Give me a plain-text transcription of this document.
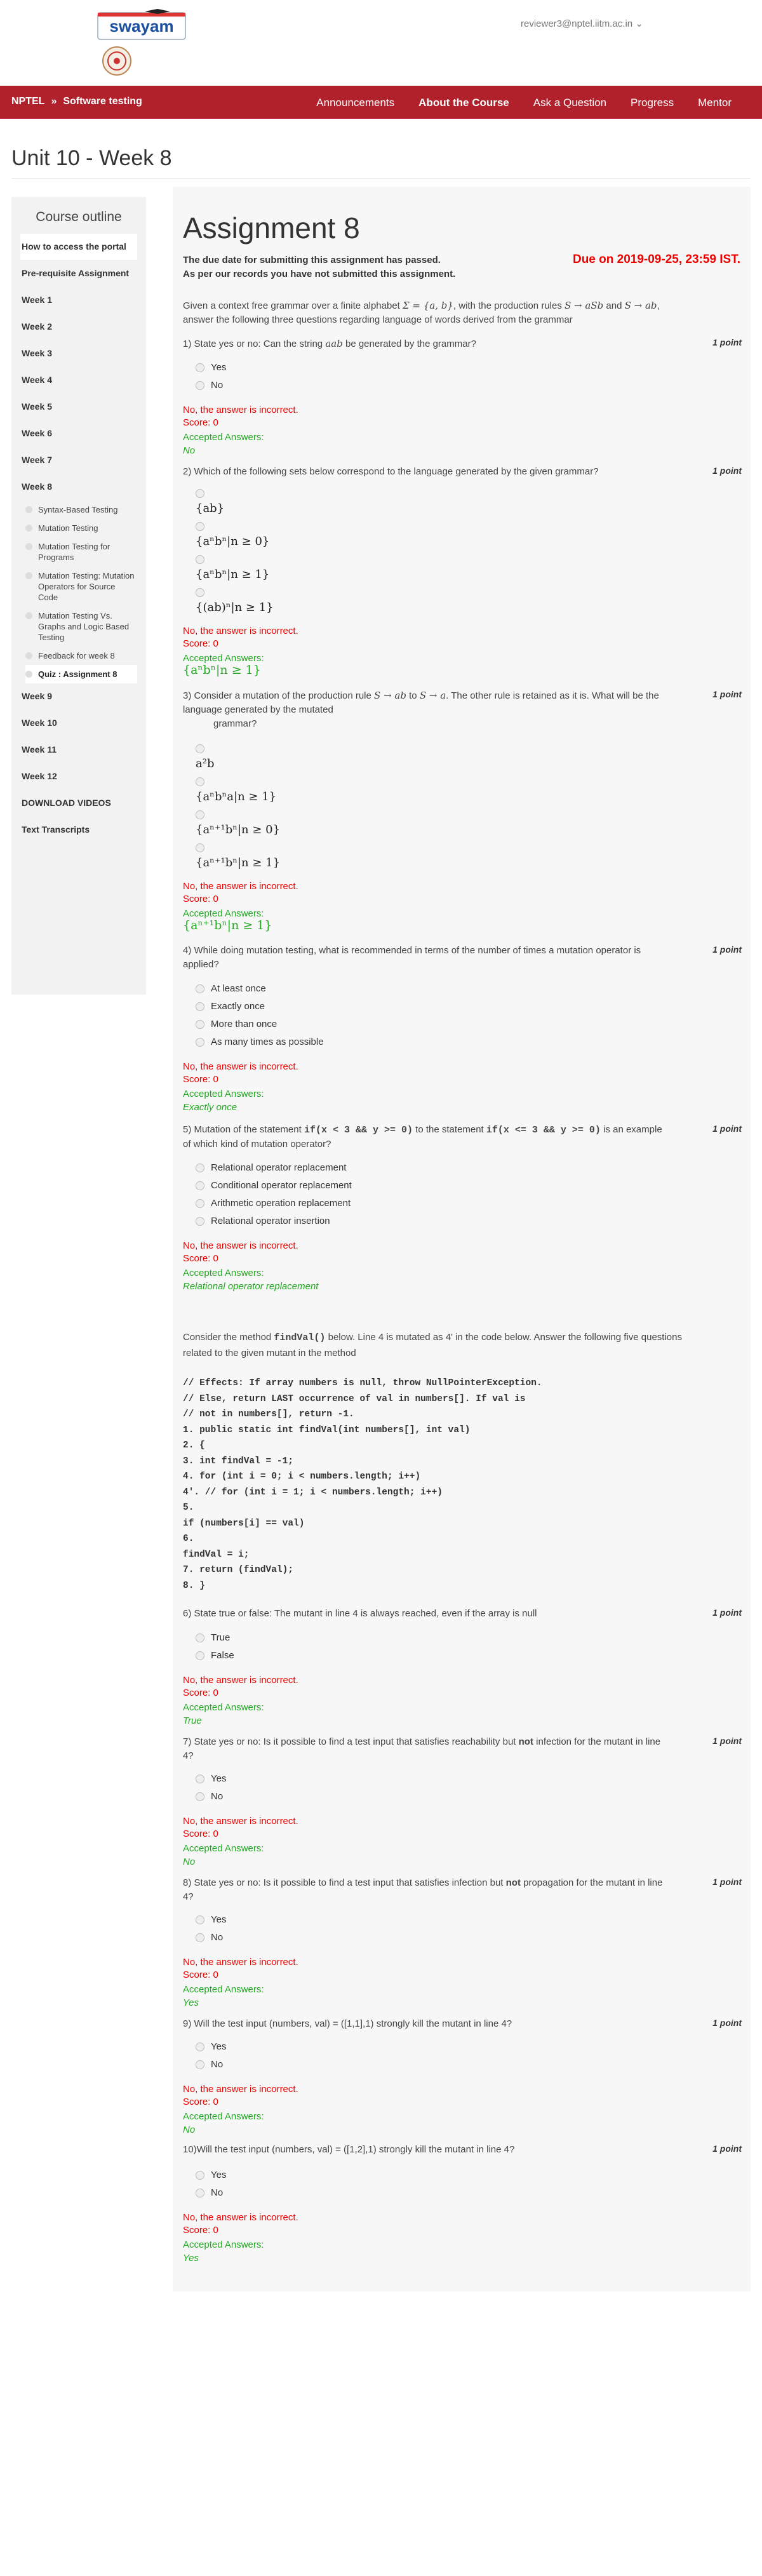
swayam	reviewer3@nptel.iitm.ac.in ⌄
NPTEL » Software testing	Announcements About the Course Ask a Question Progress Mentor
Unit 10 - Week 8
Course outline
How to access the portal
Pre-requisite Assignment
Week 1
Week 2
Week 3
Week 4
Week 5
Week 6
Week 7
Week 8
Syntax-Based Testing
Mutation Testing
Mutation Testing for Programs
Mutation Testing: Mutation Operators for Source Code
Mutation Testing Vs. Graphs and Logic Based Testing
Feedback for week 8
Quiz : Assignment 8
Week 9
Week 10
Week 11
Week 12
DOWNLOAD VIDEOS
Text Transcripts
Assignment 8
The due date for submitting this assignment has passed.
As per our records you have not submitted this assignment.
Due on 2019-09-25, 23:59 IST.
Given a context free grammar over a finite alphabet Σ = {a, b}, with the production rules S → aSb and S → ab,
answer the following three questions regarding language of words derived from the grammar
1) State yes or no: Can the string aab be generated by the grammar?	1 point
Yes
No
No, the answer is incorrect.
Score: 0
Accepted Answers:
No
2) Which of the following sets below correspond to the language generated by the given grammar?	1 point
{ab}
{aⁿbⁿ|n ≥ 0}
{aⁿbⁿ|n ≥ 1}
{(ab)ⁿ|n ≥ 1}
No, the answer is incorrect.
Score: 0
Accepted Answers:
{aⁿbⁿ|n ≥ 1}
3) Consider a mutation of the production rule S → ab to S → a. The other rule is retained as it is. What will be the
language generated by the mutated
grammar?
1 point
a²b
{aⁿbⁿa|n ≥ 1}
{aⁿ⁺¹bⁿ|n ≥ 0}
{aⁿ⁺¹bⁿ|n ≥ 1}
No, the answer is incorrect.
Score: 0
Accepted Answers:
{aⁿ⁺¹bⁿ|n ≥ 1}
4) While doing mutation testing, what is recommended in terms of the number of times a mutation operator is
applied?
1 point
At least once
Exactly once
More than once
As many times as possible
No, the answer is incorrect.
Score: 0
Accepted Answers:
Exactly once
5) Mutation of the statement if(x < 3 && y >= 0) to the statement if(x <= 3 && y >= 0) is an example
of which kind of mutation operator?
1 point
Relational operator replacement
Conditional operator replacement
Arithmetic operation replacement
Relational operator insertion
No, the answer is incorrect.
Score: 0
Accepted Answers:
Relational operator replacement
Consider the method findVal() below. Line 4 is mutated as 4' in the code below. Answer the following five questions
related to the given mutant in the method
// Effects: If array numbers is null, throw NullPointerException.
// Else, return LAST occurrence of val in numbers[]. If val is
// not in numbers[], return -1.
1. public static int findVal(int numbers[], int val)
2. {
3. int findVal = -1;
4. for (int i = 0; i < numbers.length; i++)
4'. // for (int i = 1; i < numbers.length; i++)
5.
if (numbers[i] == val)
6.
findVal = i;
7. return (findVal);
8. }
6) State true or false: The mutant in line 4 is always reached, even if the array is null	1 point
True
False
No, the answer is incorrect.
Score: 0
Accepted Answers:
True
7) State yes or no: Is it possible to find a test input that satisfies reachability but not infection for the mutant in line
4?
1 point
Yes
No
No, the answer is incorrect.
Score: 0
Accepted Answers:
No
8) State yes or no: Is it possible to find a test input that satisfies infection but not propagation for the mutant in line
4?
1 point
Yes
No
No, the answer is incorrect.
Score: 0
Accepted Answers:
Yes
9) Will the test input (numbers, val) = ([1,1],1) strongly kill the mutant in line 4?	1 point
Yes
No
No, the answer is incorrect.
Score: 0
Accepted Answers:
No
10)Will the test input (numbers, val) = ([1,2],1) strongly kill the mutant in line 4?	1 point
Yes
No
No, the answer is incorrect.
Score: 0
Accepted Answers:
Yes
